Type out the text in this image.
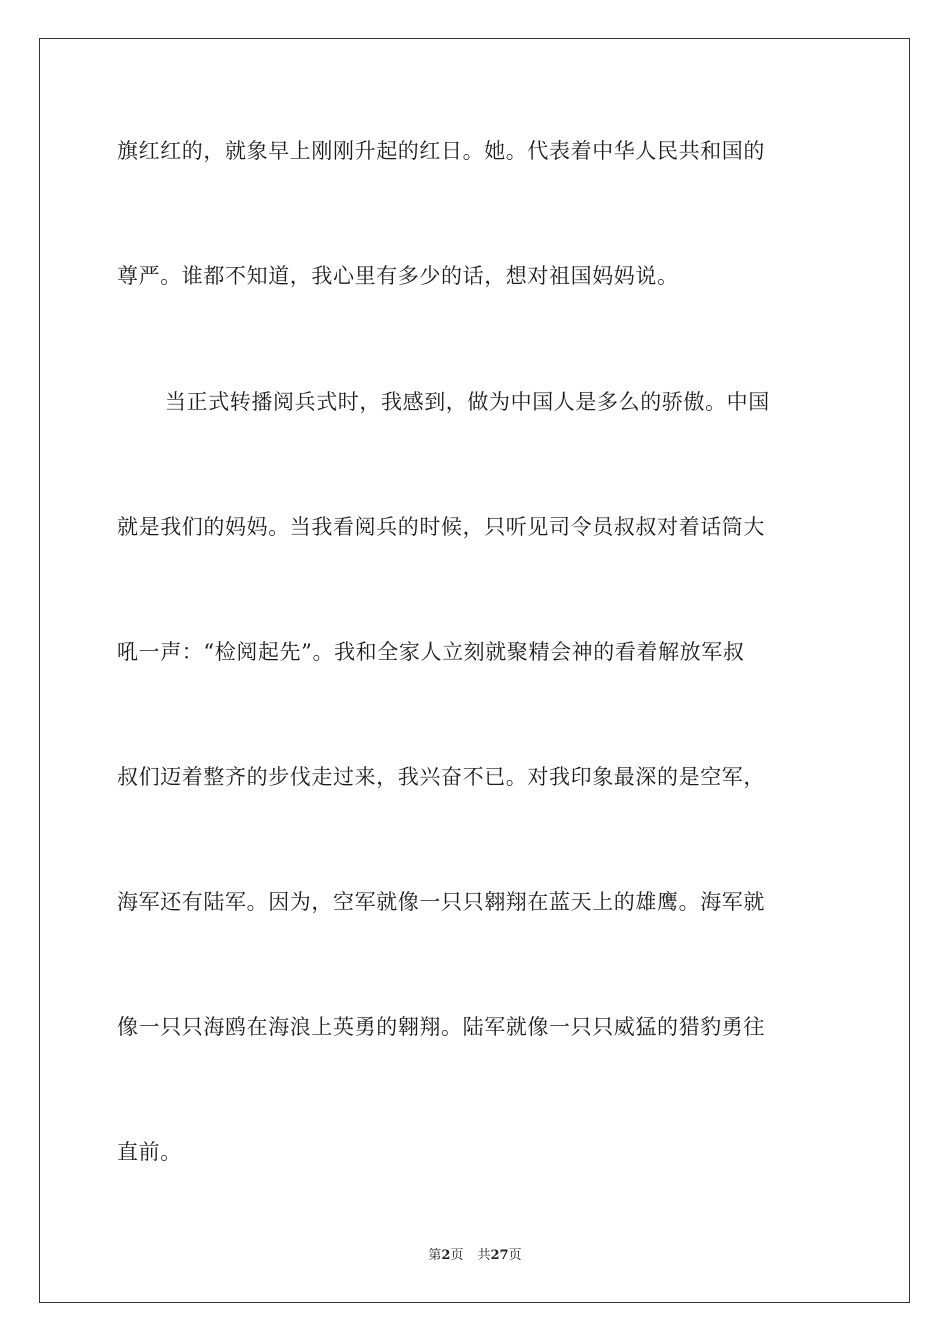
旗红红的，就象早上刚刚升起的红日。她。代表着中华人民共和国的
尊严。谁都不知道，我心里有多少的话，想对祖国妈妈说。
当正式转播阅兵式时，我感到，做为中国人是多么的骄傲。中国
就是我们的妈妈。当我看阅兵的时候，只听见司令员叔叔对着话筒大
吼一声：“检阅起先”。我和全家人立刻就聚精会神的看着解放军叔
叔们迈着整齐的步伐走过来，我兴奋不已。对我印象最深的是空军，
海军还有陆军。因为，空军就像一只只翱翔在蓝天上的雄鹰。海军就
像一只只海鸥在海浪上英勇的翱翔。陆军就像一只只威猛的猎豹勇往
直前。
第2页 共27页
